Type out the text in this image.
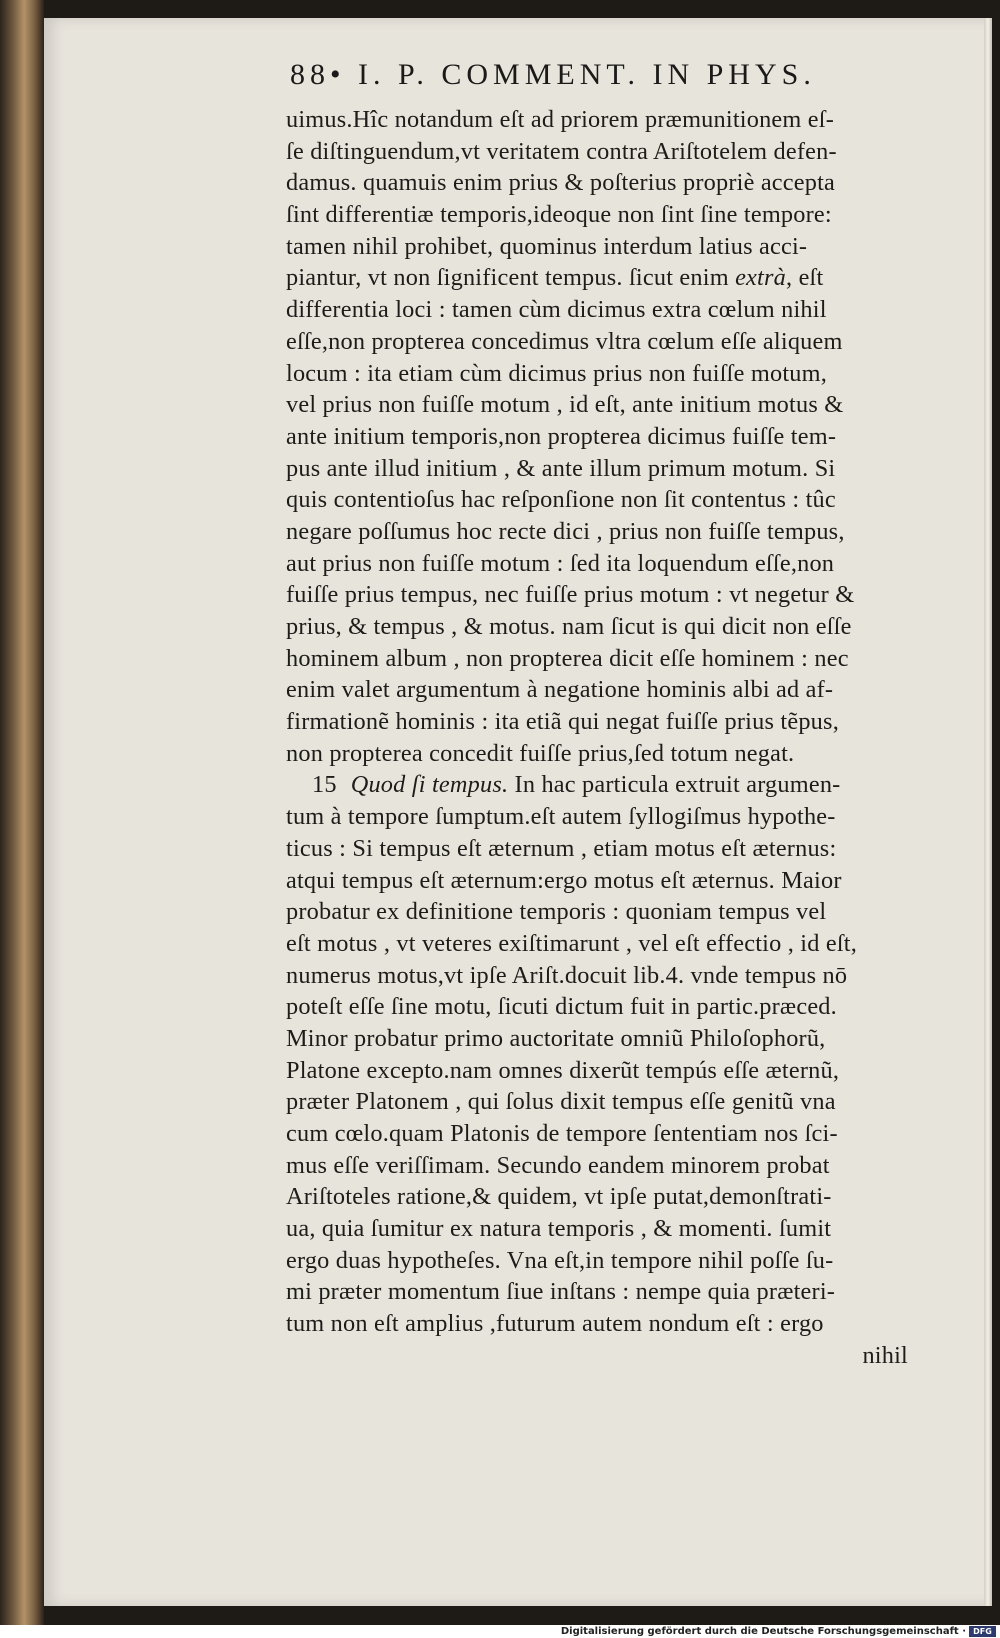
88• I. P. COMMENT. IN PHYS.
uimus.Hîc notandum eſt ad priorem præmunitionem eſ-
ſe diſtinguendum,vt veritatem contra Ariſtotelem defen-
damus. quamuis enim prius & poſterius propriè accepta
ſint differentiæ temporis,ideoque non ſint ſine tempore:
tamen nihil prohibet, quominus interdum latius acci-
piantur, vt non ſignificent tempus. ſicut enim extrà, eſt
differentia loci : tamen cùm dicimus extra cœlum nihil
eſſe,non propterea concedimus vltra cœlum eſſe aliquem
locum : ita etiam cùm dicimus prius non fuiſſe motum,
vel prius non fuiſſe motum , id eſt, ante initium motus &
ante initium temporis,non propterea dicimus fuiſſe tem-
pus ante illud initium , & ante illum primum motum. Si
quis contentioſus hac reſponſione non ſit contentus : tûc
negare poſſumus hoc recte dici , prius non fuiſſe tempus,
aut prius non fuiſſe motum : ſed ita loquendum eſſe,non
fuiſſe prius tempus, nec fuiſſe prius motum : vt negetur &
prius, & tempus , & motus. nam ſicut is qui dicit non eſſe
hominem album , non propterea dicit eſſe hominem : nec
enim valet argumentum à negatione hominis albi ad af-
firmationẽ hominis : ita etiã qui negat fuiſſe prius tẽpus,
non propterea concedit fuiſſe prius,ſed totum negat.
15 Quod ſi tempus. In hac particula extruit argumen-
tum à tempore ſumptum.eſt autem ſyllogiſmus hypothe-
ticus : Si tempus eſt æternum , etiam motus eſt æternus:
atqui tempus eſt æternum:ergo motus eſt æternus. Maior
probatur ex definitione temporis : quoniam tempus vel
eſt motus , vt veteres exiſtimarunt , vel eſt effectio , id eſt,
numerus motus,vt ipſe Ariſt.docuit lib.4. vnde tempus nō
poteſt eſſe ſine motu, ſicuti dictum fuit in partic.præced.
Minor probatur primo auctoritate omniũ Philoſophorũ,
Platone excepto.nam omnes dixerũt tempús eſſe æternũ,
præter Platonem , qui ſolus dixit tempus eſſe genitũ vna
cum cœlo.quam Platonis de tempore ſententiam nos ſci-
mus eſſe veriſſimam. Secundo eandem minorem probat
Ariſtoteles ratione,& quidem, vt ipſe putat,demonſtrati-
ua, quia ſumitur ex natura temporis , & momenti. ſumit
ergo duas hypotheſes. Vna eſt,in tempore nihil poſſe ſu-
mi præter momentum ſiue inſtans : nempe quia præteri-
tum non eſt amplius ,futurum autem nondum eſt : ergo
nihil
Digitalisierung gefördert durch die Deutsche Forschungsgemeinschaft · DFG
